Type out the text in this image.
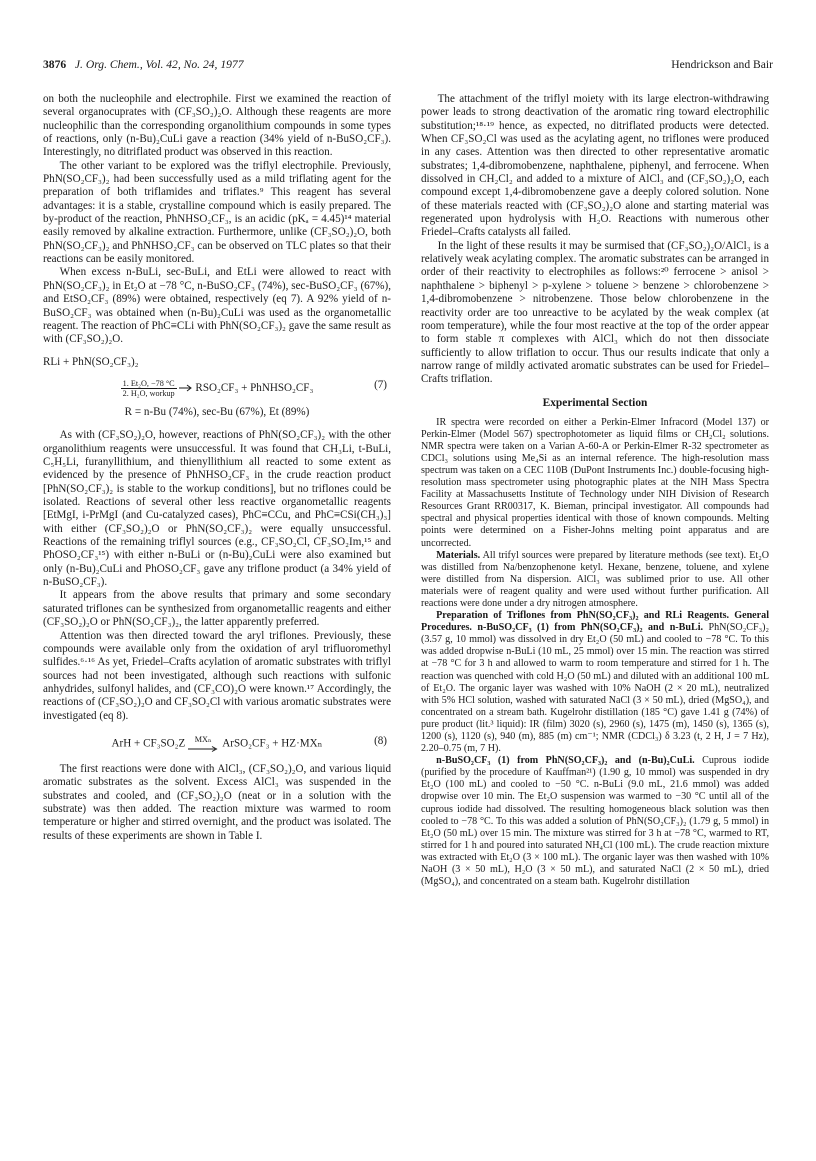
3876 J. Org. Chem., Vol. 42, No. 24, 1977	Hendrickson and Bair

on both the nucleophile and electrophile. First we examined the reaction of several organocuprates with (CF₃SO₂)₂O. Although these reagents are more nucleophilic than the corresponding organolithium compounds in some types of reactions, only (n-Bu)₂CuLi gave a reaction (34% yield of n-BuSO₂CF₃). Interestingly, no ditriflated product was observed in this reaction.

The other variant to be explored was the triflyl electrophile. Previously, PhN(SO₂CF₃)₂ had been successfully used as a mild triflating agent for the preparation of both triflamides and triflates.⁹ This reagent has several advantages: it is a stable, crystalline compound which is easily prepared. The by-product of the reaction, PhNHSO₂CF₃, is an acidic (pKₐ = 4.45)¹⁴ material easily removed by alkaline extraction. Furthermore, unlike (CF₃SO₂)₂O, both PhN(SO₂CF₃)₂ and PhNHSO₂CF₃ can be observed on TLC plates so that their reactions can be easily monitored.

When excess n-BuLi, sec-BuLi, and EtLi were allowed to react with PhN(SO₂CF₃)₂ in Et₂O at −78 °C, n-BuSO₂CF₃ (74%), sec-BuSO₂CF₃ (67%), and EtSO₂CF₃ (89%) were obtained, respectively (eq 7). A 92% yield of n-BuSO₂CF₃ was obtained when (n-Bu)₂CuLi was used as the organometallic reagent. The reaction of PhC≡CLi with PhN(SO₂CF₃)₂ gave the same result as with (CF₃SO₂)₂O.

RLi + PhN(SO₂CF₃)₂
$\frac{\text{1. Et₂O, −78 °C}}{\text{2. H₂O, workup}} \to RSO_2CF_3$ + PhNHSO₂CF₃	(7)
R = n-Bu (74%), sec-Bu (67%), Et (89%)

As with (CF₃SO₂)₂O, however, reactions of PhN(SO₂CF₃)₂ with the other organolithium reagents were unsuccessful. It was found that CH₃Li, t-BuLi, C₅H₅Li, furanyllithium, and thienyllithium all reacted to some extent as evidenced by the presence of PhNHSO₂CF₃ in the crude reaction product [PhN(SO₂CF₃)₂ is stable to the workup conditions], but no triflones could be isolated. Reactions of several other less reactive organometallic reagents [EtMgI, i-PrMgI (and Cu-catalyzed cases), PhC≡CCu, and PhC≡CSi(CH₃)₃] with either (CF₃SO₂)₂O or PhN(SO₂CF₃)₂ were equally unsuccessful. Reactions of the remaining triflyl sources (e.g., CF₃SO₂Cl, CF₃SO₂Im,¹⁵ and PhOSO₂CF₃¹⁵) with either n-BuLi or (n-Bu)₂CuLi were also examined but only (n-Bu)₂CuLi and PhOSO₂CF₃ gave any triflone product (a 34% yield of n-BuSO₂CF₃).

It appears from the above results that primary and some secondary saturated triflones can be synthesized from organometallic reagents and either (CF₃SO₂)₂O or PhN(SO₂CF₃)₂, the latter apparently preferred.

Attention was then directed toward the aryl triflones. Previously, these compounds were available only from the oxidation of aryl trifluoromethyl sulfides.⁶·¹⁶ As yet, Friedel–Crafts acylation of aromatic substrates with triflyl sources had not been investigated, although such reactions with sulfonic anhydrides, sulfonyl halides, and (CF₃CO)₂O were known.¹⁷ Accordingly, the reactions of (CF₃SO₂)₂O and CF₃SO₂Cl with various aromatic substrates were investigated (eq 8).

ArH + CF₃SO₂Z	MXₙ ArSO₂CF₃ + HZ·MXₙ	(8)

The first reactions were done with AlCl₃, (CF₃SO₂)₂O, and various liquid aromatic substrates as the solvent. Excess AlCl₃ was suspended in the substrates and cooled, and (CF₃SO₂)₂O (neat or in a solution with the substrate) was then added. The reaction mixture was warmed to room temperature or higher and stirred overnight, and the product was isolated. The results of these experiments are shown in Table I.

The attachment of the triflyl moiety with its large electron-withdrawing power leads to strong deactivation of the aromatic ring toward electrophilic substitution;¹⁸·¹⁹ hence, as expected, no ditriflated products were detected. When CF₃SO₂Cl was used as the acylating agent, no triflones were produced in any cases. Attention was then directed to other representative aromatic substrates; 1,4-dibromobenzene, naphthalene, piphenyl, and ferrocene. When dissolved in CH₂Cl₂ and added to a mixture of AlCl₃ and (CF₃SO₂)₂O, each compound except 1,4-dibromobenzene gave a deeply colored solution. None of these materials reacted with (CF₃SO₂)₂O alone and starting material was regenerated upon hydrolysis with H₂O. Reactions with numerous other Friedel–Crafts catalysts all failed.

In the light of these results it may be surmised that (CF₃SO₂)₂O/AlCl₃ is a relatively weak acylating complex. The aromatic substrates can be arranged in order of their reactivity to electrophiles as follows:²⁰ ferrocene > anisol > naphthalene > biphenyl > p-xylene > toluene > benzene > chlorobenzene > 1,4-dibromobenzene > nitrobenzene. Those below chlorobenzene in the reactivity order are too unreactive to be acylated by the weak complex (at room temperature), while the four most reactive at the top of the order appear to form stable π complexes with AlCl₃ which do not then dissociate sufficiently to allow triflation to occur. Thus our results indicate that only a narrow range of mildly activated aromatic substrates can be used for Friedel–Crafts triflation.

Experimental Section

IR spectra were recorded on either a Perkin-Elmer Infracord (Model 137) or Perkin-Elmer (Model 567) spectrophotometer as liquid films or CH₂Cl₂ solutions. NMR spectra were taken on a Varian A-60-A or Perkin-Elmer R-32 spectrometer as CDCl₃ solutions using Me₄Si as an internal reference. The high-resolution mass spectrum was taken on a CEC 110B (DuPont Instruments Inc.) double-focusing high-resolution mass spectrometer using photographic plates at the NIH Mass Spectra Facility at Massachusetts Institute of Technology under NIH Division of Research Resources Grant RR00317, K. Bieman, principal investigator. All compounds had spectral and physical properties identical with those of known compounds. Melting points were determined on a Fisher-Johns melting point apparatus and are uncorrected.

Materials. All trifyl sources were prepared by literature methods (see text). Et₂O was distilled from Na/benzophenone ketyl. Hexane, benzene, toluene, and xylene were distilled from Na dispersion. AlCl₃ was sublimed prior to use. All other materials were of reagent quality and were used without further purification. All reactions were done under a dry nitrogen atmosphere.

Preparation of Triflones from PhN(SO₂CF₃)₂ and RLi Reagents. General Procedures. n-BuSO₂CF₃ (1) from PhN(SO₂CF₃)₂ and n-BuLi. PhN(SO₂CF₃)₂ (3.57 g, 10 mmol) was dissolved in dry Et₂O (50 mL) and cooled to −78 °C. To this was added dropwise n-BuLi (10 mL, 25 mmol) over 15 min. The reaction was stirred at −78 °C for 3 h and allowed to warm to room temperature and stirred for 1 h. The reaction was quenched with cold H₂O (50 mL) and diluted with an additional 100 mL of Et₂O. The organic layer was washed with 10% NaOH (2 × 20 mL), neutralized with 5% HCl solution, washed with saturated NaCl (3 × 50 mL), dried (MgSO₄), and concentrated on a stream bath. Kugelrohr distillation (185 °C) gave 1.41 g (74%) of pure product (lit.³ liquid): IR (film) 3020 (s), 2960 (s), 1475 (m), 1450 (s), 1365 (s), 1200 (s), 1120 (s), 940 (m), 885 (m) cm⁻¹; NMR (CDCl₃) δ 3.23 (t, 2 H, J = 7 Hz), 2.20–0.75 (m, 7 H).

n-BuSO₂CF₃ (1) from PhN(SO₂CF₃)₂ and (n-Bu)₂CuLi. Cuprous iodide (purified by the procedure of Kauffman²¹) (1.90 g, 10 mmol) was suspended in dry Et₂O (100 mL) and cooled to −50 °C. n-BuLi (9.0 mL, 21.6 mmol) was added dropwise over 10 min. The Et₂O suspension was warmed to −30 °C until all of the cuprous iodide had dissolved. The resulting homogeneous black solution was then cooled to −78 °C. To this was added a solution of PhN(SO₂CF₃)₂ (1.79 g, 5 mmol) in Et₂O (50 mL) over 15 min. The mixture was stirred for 3 h at −78 °C, warmed to RT, stirred for 1 h and poured into saturated NH₄Cl (100 mL). The crude reaction mixture was extracted with Et₂O (3 × 100 mL). The organic layer was then washed with 10% NaOH (3 × 50 mL), H₂O (3 × 50 mL), and saturated NaCl (2 × 50 mL), dried (MgSO₄), and concentrated on a steam bath. Kugelrohr distillation
